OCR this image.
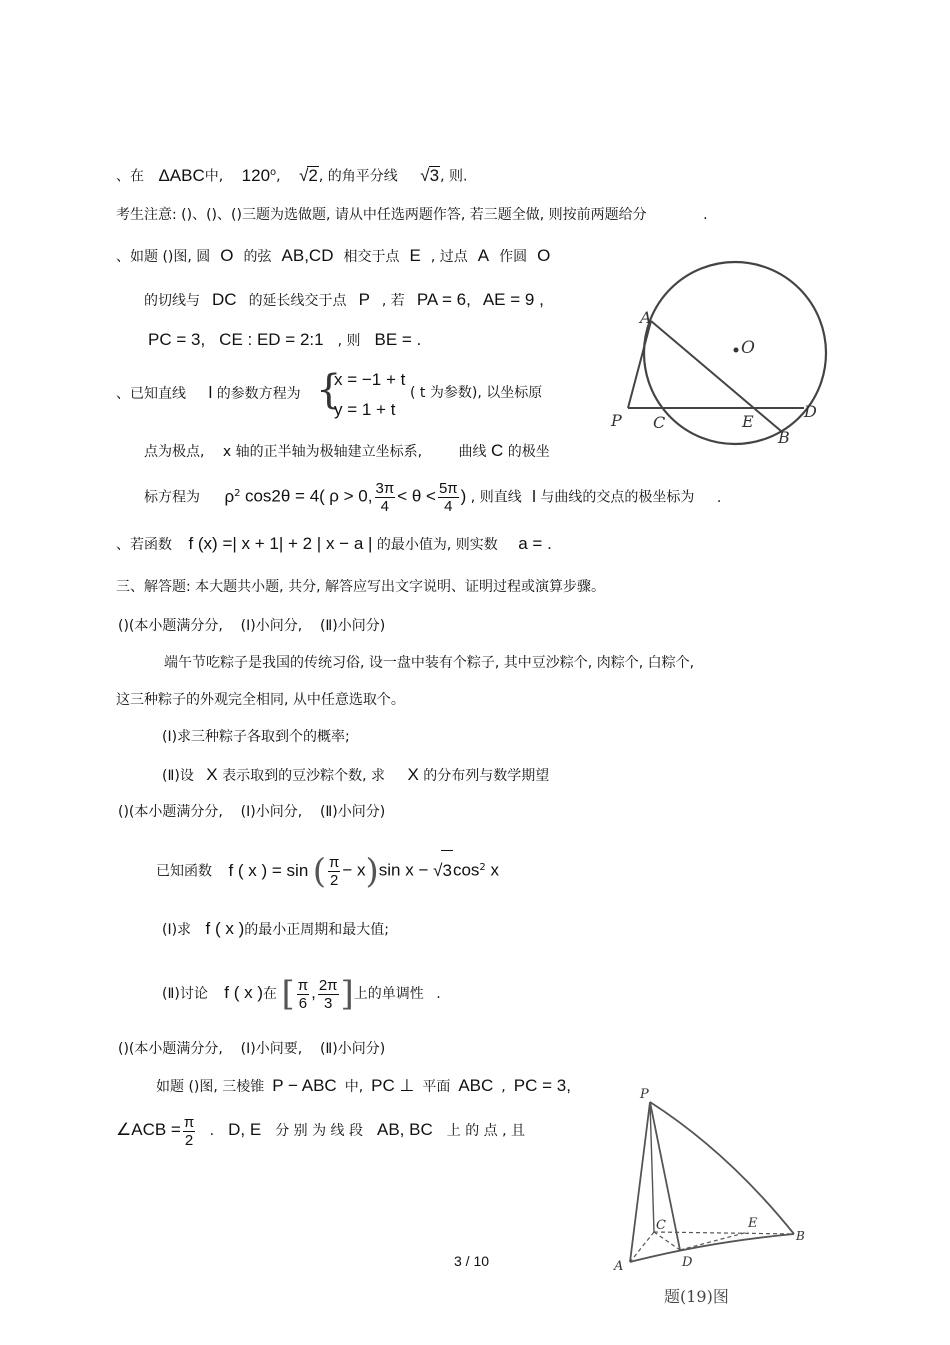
、在 ΔABC中, 120$^o$, √2, 的角平分线 √3, 则.
考生注意: ()、()、()三题为选做题, 请从中任选两题作答, 若三题全做, 则按前两题给分	.
、如题 ()图, 圆 O 的弦 AB,CD 相交于点 E , 过点 A 作圆 O
的切线与 DC 的延长线交于点 P , 若 PA = 6, AE = 9 ,
PC = 3, CE : ED = 2:1 , 则 BE = .
A
O
P C	E
D
B
、已知直线 l 的参数方程为 {
x = −1 + t
y = 1 + t
( t 为参数), 以坐标原
点为极点, x 轴的正半轴为极轴建立坐标系,	曲线 C 的极坐
标方程为 $\rho^2$ cos2θ = 4( ρ > 0, $\frac{3\pi}{4} < \theta < \frac{5\pi}{4}$ ) , 则直线 l 与曲线的交点的极坐标为 .
、若函数 f (x) =| x + 1| + 2 | x − a | 的最小值为, 则实数 a = .
三、解答题: 本大题共小题, 共分, 解答应写出文字说明、证明过程或演算步骤。
()(本小题满分分,    (Ⅰ)小问分,    (Ⅱ)小问分)
端午节吃粽子是我国的传统习俗, 设一盘中装有个粽子, 其中豆沙粽个, 肉粽个, 白粽个,
这三种粽子的外观完全相同, 从中任意选取个。
(Ⅰ)求三种粽子各取到个的概率;
(Ⅱ)设 X 表示取到的豆沙粽个数, 求 X 的分布列与数学期望
()(本小题满分分,    (Ⅰ)小问分,    (Ⅱ)小问分)
已知函数 f ( x ) = sin ( $\frac{\pi}{2} - x)\sin$ $x - √3\cos^2$ x
(Ⅰ)求 f ( x )的最小正周期和最大值;
(Ⅱ)讨论 f ( x )在 [ $\frac{\pi}{6}$ , $\frac{2\pi}{3}$ ]上的单调性 .
()(本小题满分分,    (Ⅰ)小问要,    (Ⅱ)小问分)
如题 ()图, 三棱锥 P − ABC 中, PC ⊥ 平面 ABC , PC = 3,
∠ACB = $\frac{\pi}{2}$ . D, E 分 别 为 线 段 AB, BC 上 的 点 , 且
P
C	E
A	D
B
题(19)图
3 / 10
